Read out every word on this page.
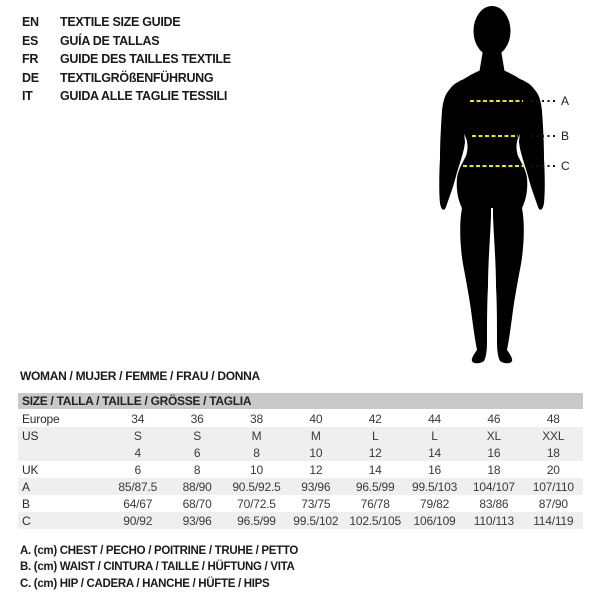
EN	TEXTILE SIZE GUIDE
ES	GUÍA DE TALLAS
FR	GUIDE DES TAILLES TEXTILE
DE	TEXTILGRÖßENFÜHRUNG
IT	GUIDA ALLE TAGLIE TESSILI	A
B
C
WOMAN / MUJER / FEMME / FRAU / DONNA
SIZE / TALLA / TAILLE / GRÖSSE / TAGLIA
Europe	34	36	38	40	42	44	46	48
US	S	S	M	M	L	L	XL	XXL
	4	6	8	10	12	14	16	18
UK	6	8	10	12	14	16	18	20
A	85/87.5	88/90	90.5/92.5	93/96	96.5/99	99.5/103	104/107	107/110
B	64/67	68/70	70/72.5	73/75	76/78	79/82	83/86	87/90
C	90/92	93/96	96.5/99	99.5/102	102.5/105	106/109	110/113	114/119
A. (cm) CHEST / PECHO / POITRINE / TRUHE / PETTO
B. (cm) WAIST / CINTURA / TAILLE / HÜFTUNG / VITA
C. (cm) HIP / CADERA / HANCHE / HÜFTE / HIPS
